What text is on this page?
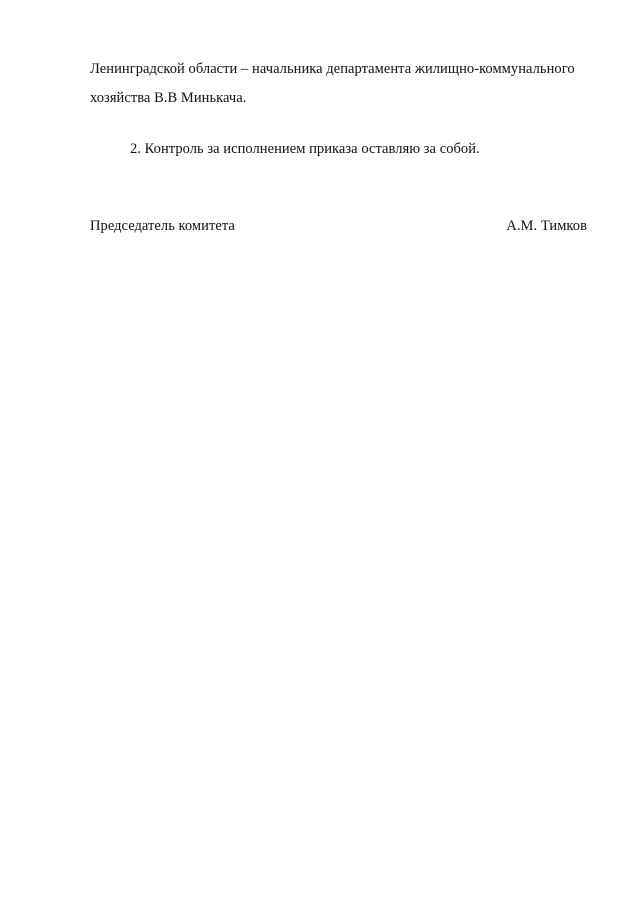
Ленинградской области – начальника департамента жилищно-коммунального
хозяйства В.В Минькача.
2. Контроль за исполнением приказа оставляю за собой.
Председатель комитета	А.М. Тимков
